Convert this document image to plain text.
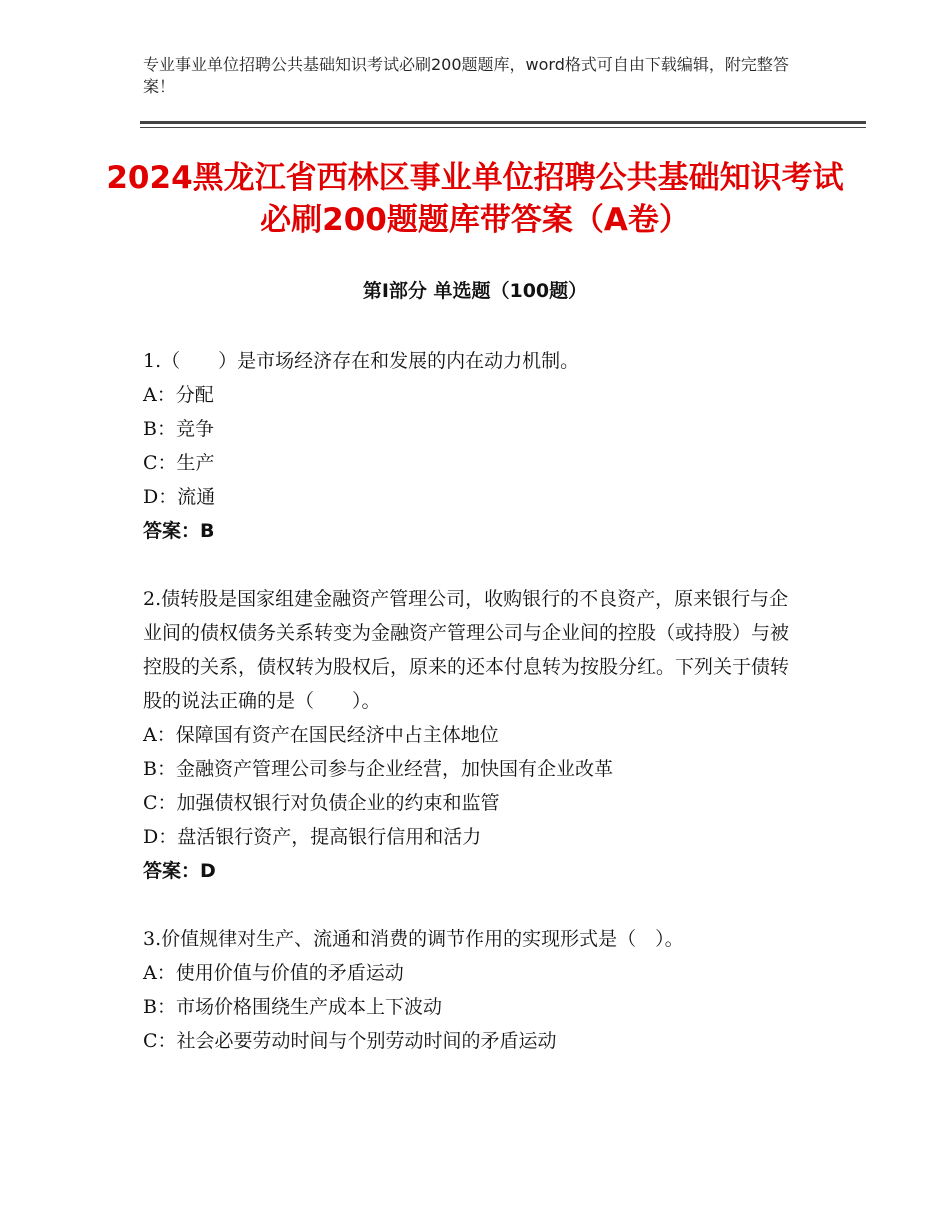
专业事业单位招聘公共基础知识考试必刷200题题库，word格式可自由下载编辑，附完整答案！
2024黑龙江省西林区事业单位招聘公共基础知识考试必刷200题题库带答案（A卷）
第Ⅰ部分 单选题（100题）
1.（　　）是市场经济存在和发展的内在动力机制。
A：分配
B：竞争
C：生产
D：流通
答案：B
2.债转股是国家组建金融资产管理公司，收购银行的不良资产，原来银行与企业间的债权债务关系转变为金融资产管理公司与企业间的控股（或持股）与被控股的关系，债权转为股权后，原来的还本付息转为按股分红。下列关于债转股的说法正确的是（　　）。
A：保障国有资产在国民经济中占主体地位
B：金融资产管理公司参与企业经营，加快国有企业改革
C：加强债权银行对负债企业的约束和监管
D：盘活银行资产，提高银行信用和活力
答案：D
3.价值规律对生产、流通和消费的调节作用的实现形式是（　）。
A：使用价值与价值的矛盾运动
B：市场价格围绕生产成本上下波动
C：社会必要劳动时间与个别劳动时间的矛盾运动
